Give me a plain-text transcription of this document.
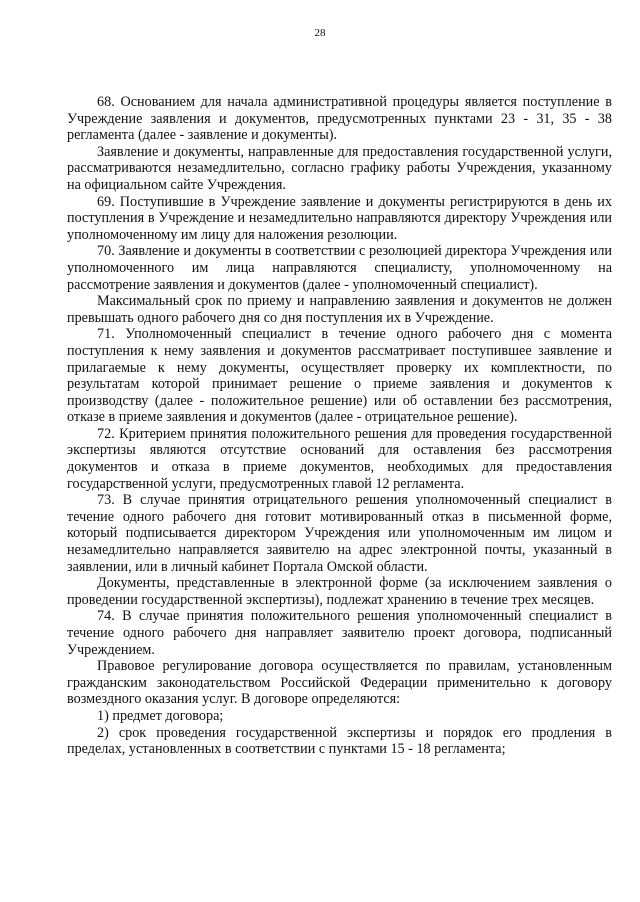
28

68. Основанием для начала административной процедуры является поступление в Учреждение заявления и документов, предусмотренных пунктами 23 - 31, 35 - 38 регламента (далее - заявление и документы).

Заявление и документы, направленные для предоставления государственной услуги, рассматриваются незамедлительно, согласно графику работы Учреждения, указанному на официальном сайте Учреждения.

69. Поступившие в Учреждение заявление и документы регистрируются в день их поступления в Учреждение и незамедлительно направляются директору Учреждения или уполномоченному им лицу для наложения резолюции.

70. Заявление и документы в соответствии с резолюцией директора Учреждения или уполномоченного им лица направляются специалисту, уполномоченному на рассмотрение заявления и документов (далее - уполномоченный специалист).

Максимальный срок по приему и направлению заявления и документов не должен превышать одного рабочего дня со дня поступления их в Учреждение.

71. Уполномоченный специалист в течение одного рабочего дня с момента поступления к нему заявления и документов рассматривает поступившее заявление и прилагаемые к нему документы, осуществляет проверку их комплектности, по результатам которой принимает решение о приеме заявления и документов к производству (далее - положительное решение) или об оставлении без рассмотрения, отказе в приеме заявления и документов (далее - отрицательное решение).

72. Критерием принятия положительного решения для проведения государственной экспертизы являются отсутствие оснований для оставления без рассмотрения документов и отказа в приеме документов, необходимых для предоставления государственной услуги, предусмотренных главой 12 регламента.

73. В случае принятия отрицательного решения уполномоченный специалист в течение одного рабочего дня готовит мотивированный отказ в письменной форме, который подписывается директором Учреждения или уполномоченным им лицом и незамедлительно направляется заявителю на адрес электронной почты, указанный в заявлении, или в личный кабинет Портала Омской области.

Документы, представленные в электронной форме (за исключением заявления о проведении государственной экспертизы), подлежат хранению в течение трех месяцев.

74. В случае принятия положительного решения уполномоченный специалист в течение одного рабочего дня направляет заявителю проект договора, подписанный Учреждением.

Правовое регулирование договора осуществляется по правилам, установленным гражданским законодательством Российской Федерации применительно к договору возмездного оказания услуг. В договоре определяются:

1) предмет договора;

2) срок проведения государственной экспертизы и порядок его продления в пределах, установленных в соответствии с пунктами 15 - 18 регламента;
